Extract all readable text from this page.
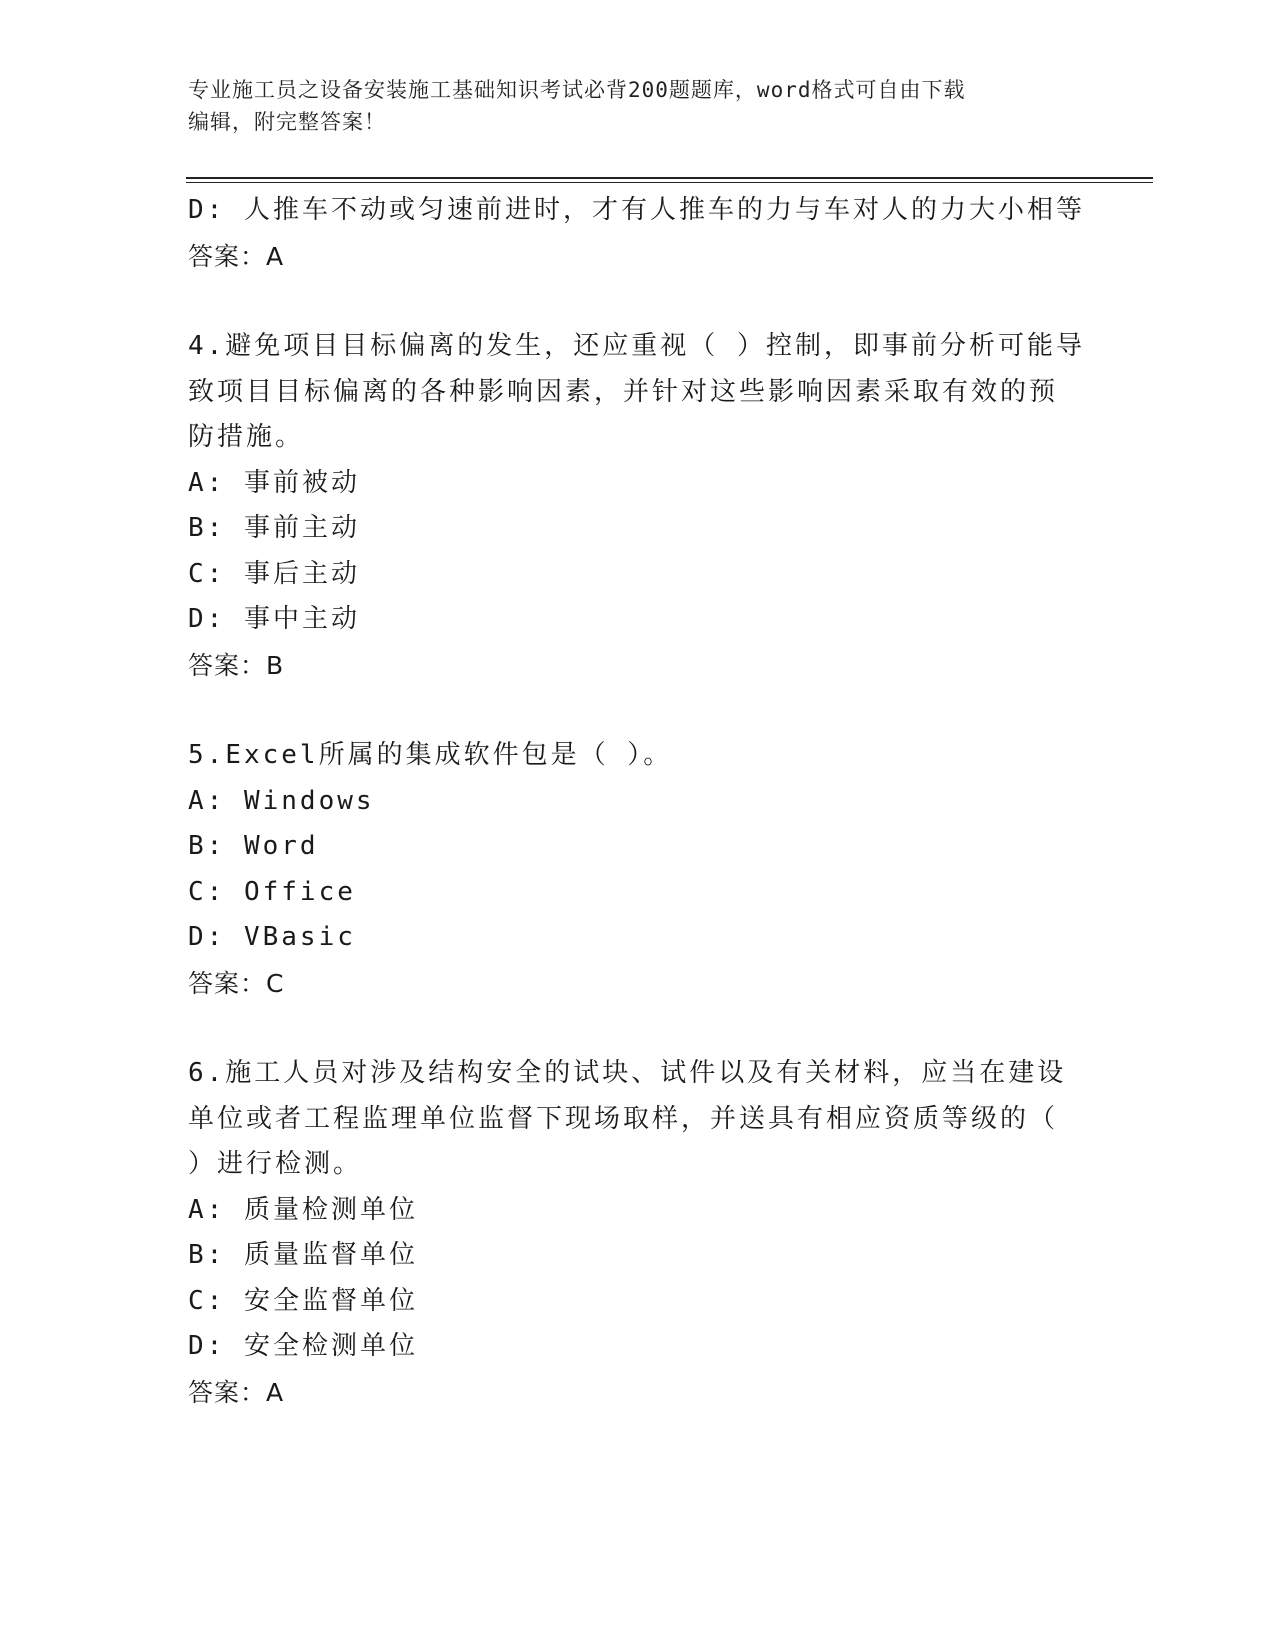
专业施工员之设备安装施工基础知识考试必背200题题库，word格式可自由下载
编辑，附完整答案！
D: 人推车不动或匀速前进时，才有人推车的力与车对人的力大小相等
答案：A
4.避免项目目标偏离的发生，还应重视（ ）控制，即事前分析可能导
致项目目标偏离的各种影响因素，并针对这些影响因素采取有效的预
防措施。
A: 事前被动
B: 事前主动
C: 事后主动
D: 事中主动
答案：B
5.Excel所属的集成软件包是（ ）。
A: Windows
B: Word
C: Office
D: VBasic
答案：C
6.施工人员对涉及结构安全的试块、试件以及有关材料，应当在建设
单位或者工程监理单位监督下现场取样，并送具有相应资质等级的（
）进行检测。
A: 质量检测单位
B: 质量监督单位
C: 安全监督单位
D: 安全检测单位
答案：A
